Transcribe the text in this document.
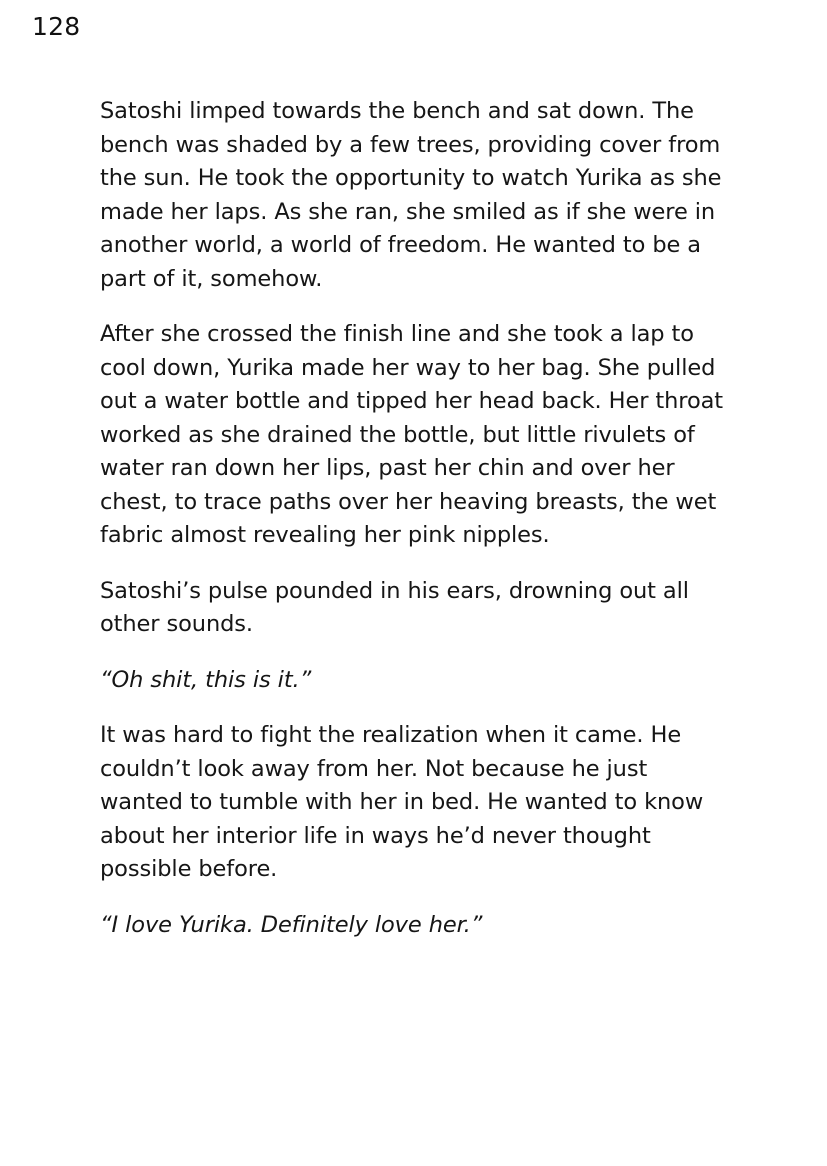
128

Satoshi limped towards the bench and sat down. The bench was shaded by a few trees, providing cover from the sun. He took the opportunity to watch Yurika as she made her laps. As she ran, she smiled as if she were in another world, a world of freedom. He wanted to be a part of it, somehow.

After she crossed the finish line and she took a lap to cool down, Yurika made her way to her bag. She pulled out a water bottle and tipped her head back. Her throat worked as she drained the bottle, but little rivulets of water ran down her lips, past her chin and over her chest, to trace paths over her heaving breasts, the wet fabric almost revealing her pink nipples.

Satoshi’s pulse pounded in his ears, drowning out all other sounds.

“Oh shit, this is it.”

It was hard to fight the realization when it came. He couldn’t look away from her. Not because he just wanted to tumble with her in bed. He wanted to know about her interior life in ways he’d never thought possible before.

“I love Yurika. Definitely love her.”
